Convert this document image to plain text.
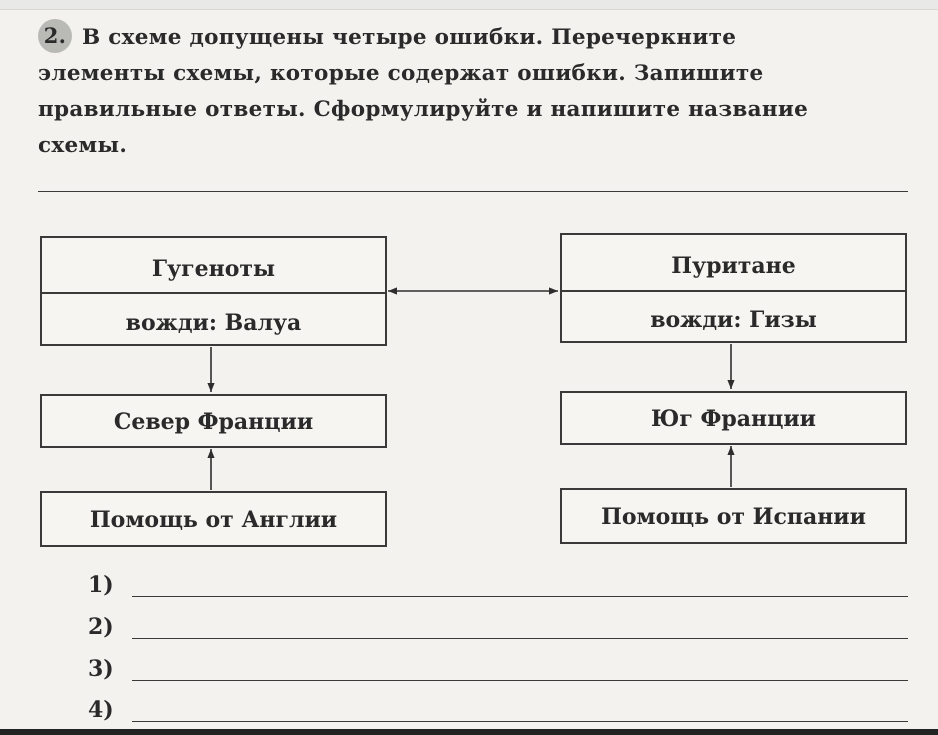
2. В схеме допущены четыре ошибки. Перечеркните
элементы схемы, которые содержат ошибки. Запишите
правильные ответы. Сформулируйте и напишите название
схемы.
Гугеноты
вожди: Валуа
Север Франции
Помощь от Англии
Пуритане
вожди: Гизы
Юг Франции
Помощь от Испании
1)
2)
3)
4)
